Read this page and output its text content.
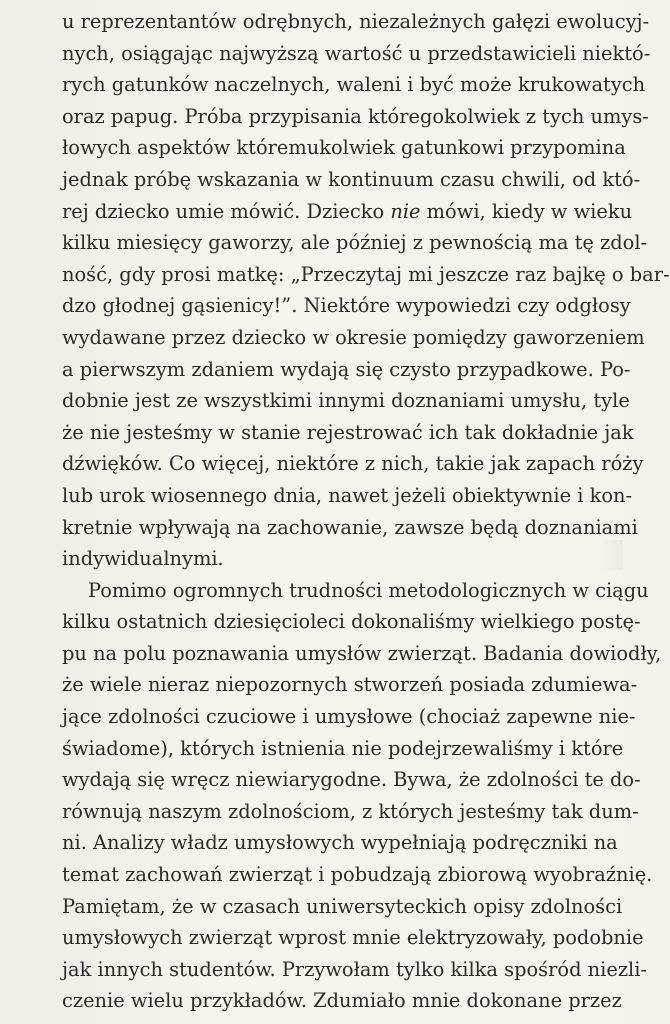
u reprezentantów odrębnych, niezależnych gałęzi ewolucyj-
nych, osiągając najwyższą wartość u przedstawicieli niektó-
rych gatunków naczelnych, waleni i być może krukowatych
oraz papug. Próba przypisania któregokolwiek z tych umys-
łowych aspektów któremukolwiek gatunkowi przypomina
jednak próbę wskazania w kontinuum czasu chwili, od któ-
rej dziecko umie mówić. Dziecko nie mówi, kiedy w wieku
kilku miesięcy gaworzy, ale później z pewnością ma tę zdol-
ność, gdy prosi matkę: „Przeczytaj mi jeszcze raz bajkę o bar-
dzo głodnej gąsienicy!”. Niektóre wypowiedzi czy odgłosy
wydawane przez dziecko w okresie pomiędzy gaworzeniem
a pierwszym zdaniem wydają się czysto przypadkowe. Po-
dobnie jest ze wszystkimi innymi doznaniami umysłu, tyle
że nie jesteśmy w stanie rejestrować ich tak dokładnie jak
dźwięków. Co więcej, niektóre z nich, takie jak zapach róży
lub urok wiosennego dnia, nawet jeżeli obiektywnie i kon-
kretnie wpływają na zachowanie, zawsze będą doznaniami
indywidualnymi.
Pomimo ogromnych trudności metodologicznych w ciągu
kilku ostatnich dziesięcioleci dokonaliśmy wielkiego postę-
pu na polu poznawania umysłów zwierząt. Badania dowiodły,
że wiele nieraz niepozornych stworzeń posiada zdumiewa-
jące zdolności czuciowe i umysłowe (chociaż zapewne nie-
świadome), których istnienia nie podejrzewaliśmy i które
wydają się wręcz niewiarygodne. Bywa, że zdolności te do-
równują naszym zdolnościom, z których jesteśmy tak dum-
ni. Analizy władz umysłowych wypełniają podręczniki na
temat zachowań zwierząt i pobudzają zbiorową wyobraźnię.
Pamiętam, że w czasach uniwersyteckich opisy zdolności
umysłowych zwierząt wprost mnie elektryzowały, podobnie
jak innych studentów. Przywołam tylko kilka spośród niezli-
czenie wielu przykładów. Zdumiało mnie dokonane przez
